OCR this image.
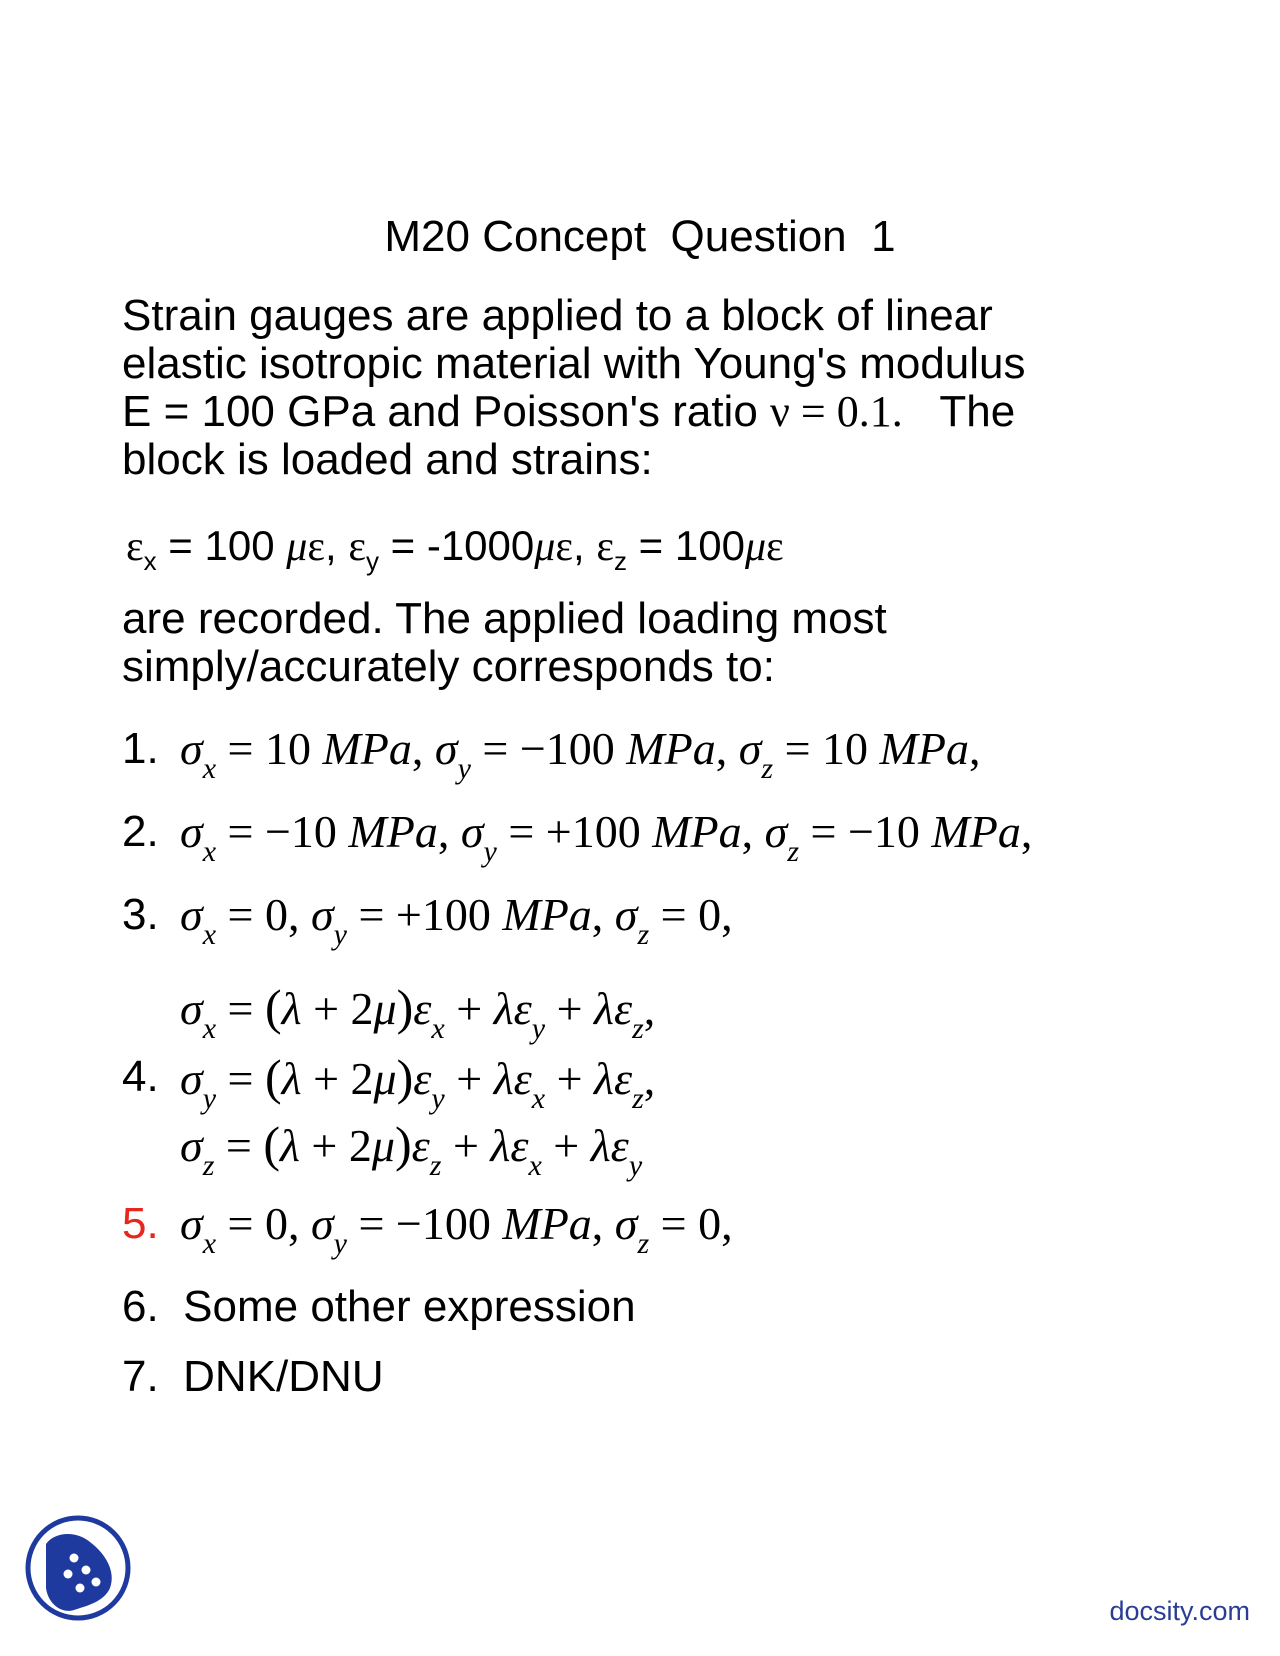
M20 Concept Question 1
Strain gauges are applied to a block of linear
elastic isotropic material with Young's modulus
E = 100 GPa and Poisson's ratio ν = 0.1.   The
block is loaded and strains:
$\varepsilon_x = 100$ με, $\varepsilon_y = -1000\mu\varepsilon$, $\varepsilon_z = 100\mu\varepsilon$
are recorded. The applied loading most
simply/accurately corresponds to:
1. $\sigma_x = 10$ MPa, $\sigma_y = -100$ MPa, $\sigma_z = 10$ MPa,
2. $\sigma_x = -10$ MPa, $\sigma_y = +100$ MPa, $\sigma_z = -10$ MPa,
3. $\sigma_x = 0$, $\sigma_y = +100$ MPa, $\sigma_z = 0$,
$\sigma_x = (\lambda + 2\mu)\varepsilon_x + \lambda\varepsilon_y + \lambda\varepsilon_z$,
4. $\sigma_y = (\lambda + 2\mu)\varepsilon_y + \lambda\varepsilon_x + \lambda\varepsilon_z$,
$\sigma_z = (\lambda + 2\mu)\varepsilon_z + \lambda\varepsilon_x + \lambda\varepsilon_y$
5. $\sigma_x = 0$, $\sigma_y = -100$ MPa, $\sigma_z = 0$,
6. Some other expression
7. DNK/DNU
docsity.com
